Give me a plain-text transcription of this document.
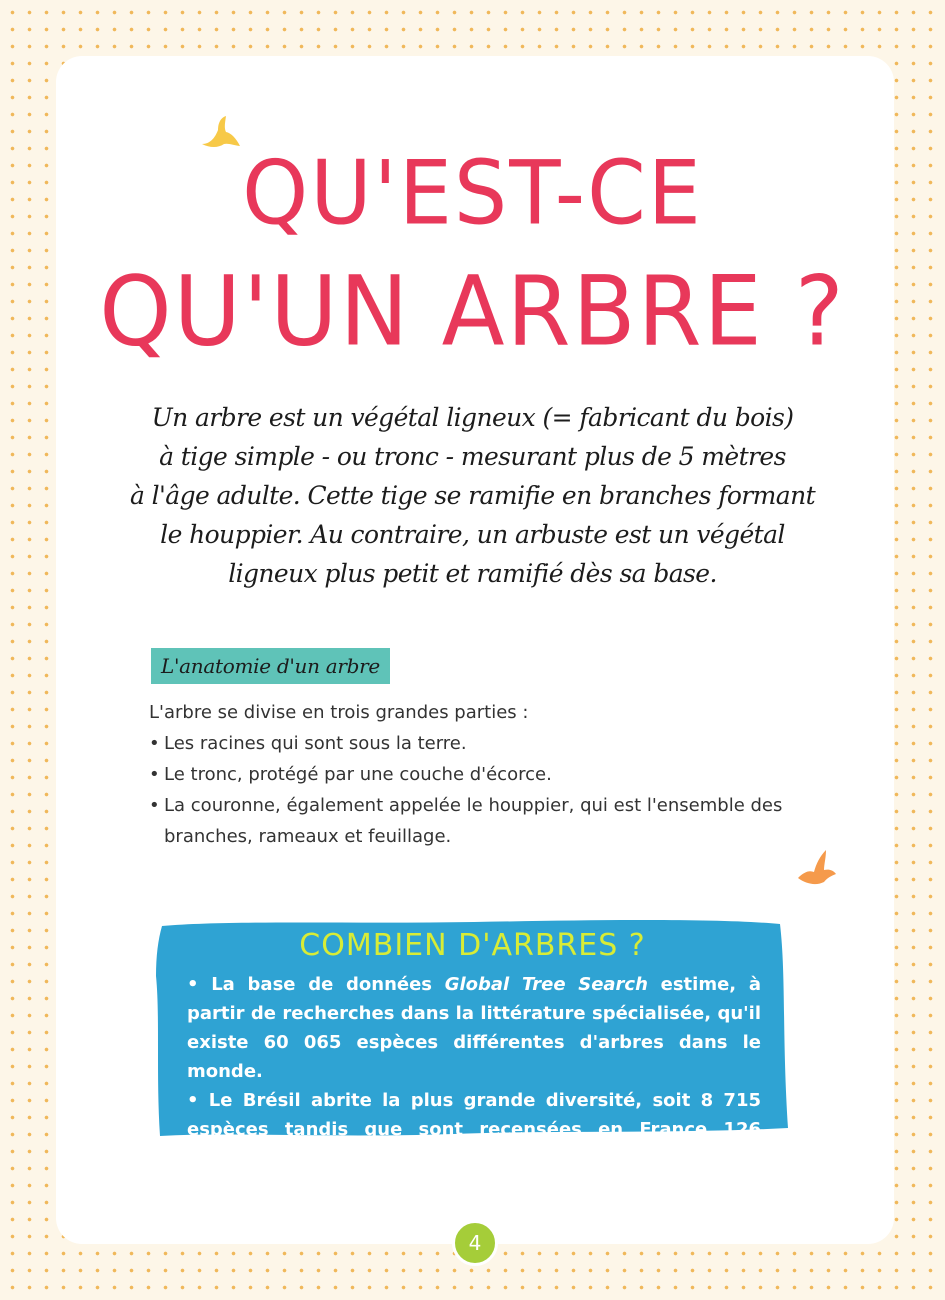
QU'EST-CE
QU'UN ARBRE ?
Un arbre est un végétal ligneux (= fabricant du bois)
à tige simple - ou tronc - mesurant plus de 5 mètres
à l'âge adulte. Cette tige se ramifie en branches formant
le houppier. Au contraire, un arbuste est un végétal
ligneux plus petit et ramifié dès sa base.
L'anatomie d'un arbre
L'arbre se divise en trois grandes parties :
• Les racines qui sont sous la terre.
• Le tronc, protégé par une couche d'écorce.
• La couronne, également appelée le houppier, qui est l'ensemble des branches, rameaux et feuillage.
COMBIEN D'ARBRES ?

• La base de données Global Tree Search estime, à partir de recherches dans la littérature spécialisée, qu'il existe 60 065 espèces différentes d'arbres dans le monde.

• Le Brésil abrite la plus grande diversité, soit 8 715 espèces tandis que sont recensées en France 126 espèces.

4
